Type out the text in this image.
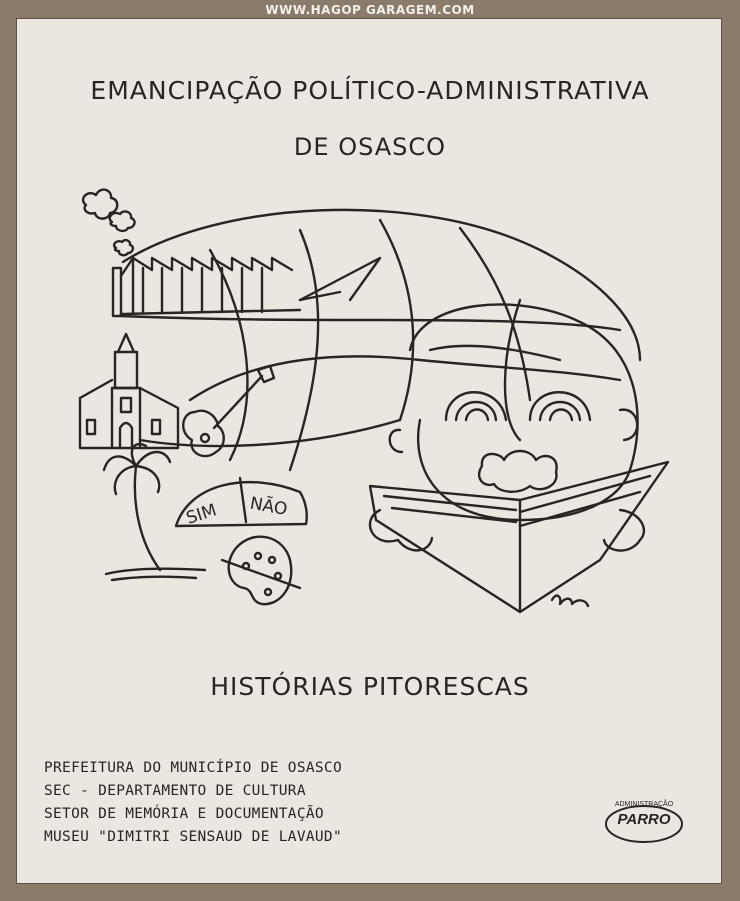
WWW.HAGOP GARAGEM.COM
EMANCIPAÇÃO POLÍTICO-ADMINISTRATIVA
DE OSASCO
SIM NÃO
HISTÓRIAS PITORESCAS
PREFEITURA DO MUNICÍPIO DE OSASCO
SEC - DEPARTAMENTO DE CULTURA
SETOR DE MEMÓRIA E DOCUMENTAÇÃO
MUSEU "DIMITRI SENSAUD DE LAVAUD"
ADMINISTRAÇÃO
PARRO
